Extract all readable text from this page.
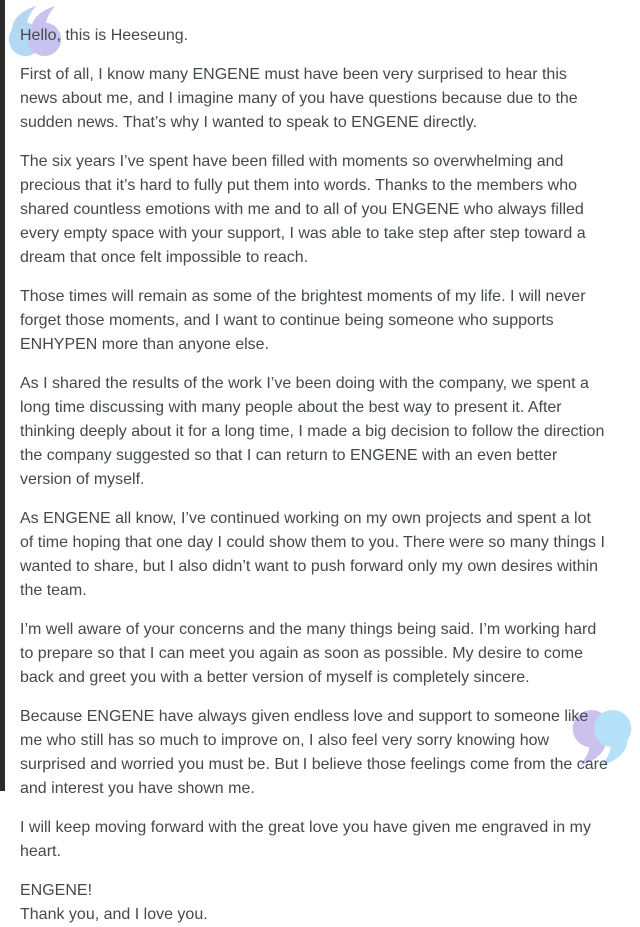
Hello, this is Heeseung.

First of all, I know many ENGENE must have been very surprised to hear this news about me, and I imagine many of you have questions because due to the sudden news. That’s why I wanted to speak to ENGENE directly.

The six years I’ve spent have been filled with moments so overwhelming and precious that it’s hard to fully put them into words. Thanks to the members who shared countless emotions with me and to all of you ENGENE who always filled every empty space with your support, I was able to take step after step toward a dream that once felt impossible to reach.

Those times will remain as some of the brightest moments of my life. I will never forget those moments, and I want to continue being someone who supports ENHYPEN more than anyone else.

As I shared the results of the work I’ve been doing with the company, we spent a long time discussing with many people about the best way to present it. After thinking deeply about it for a long time, I made a big decision to follow the direction the company suggested so that I can return to ENGENE with an even better version of myself.

As ENGENE all know, I’ve continued working on my own projects and spent a lot of time hoping that one day I could show them to you. There were so many things I wanted to share, but I also didn’t want to push forward only my own desires within the team.

I’m well aware of your concerns and the many things being said. I’m working hard to prepare so that I can meet you again as soon as possible. My desire to come back and greet you with a better version of myself is completely sincere.

Because ENGENE have always given endless love and support to someone like me who still has so much to improve on, I also feel very sorry knowing how surprised and worried you must be. But I believe those feelings come from the care and interest you have shown me.

I will keep moving forward with the great love you have given me engraved in my heart.

ENGENE!
Thank you, and I love you.
